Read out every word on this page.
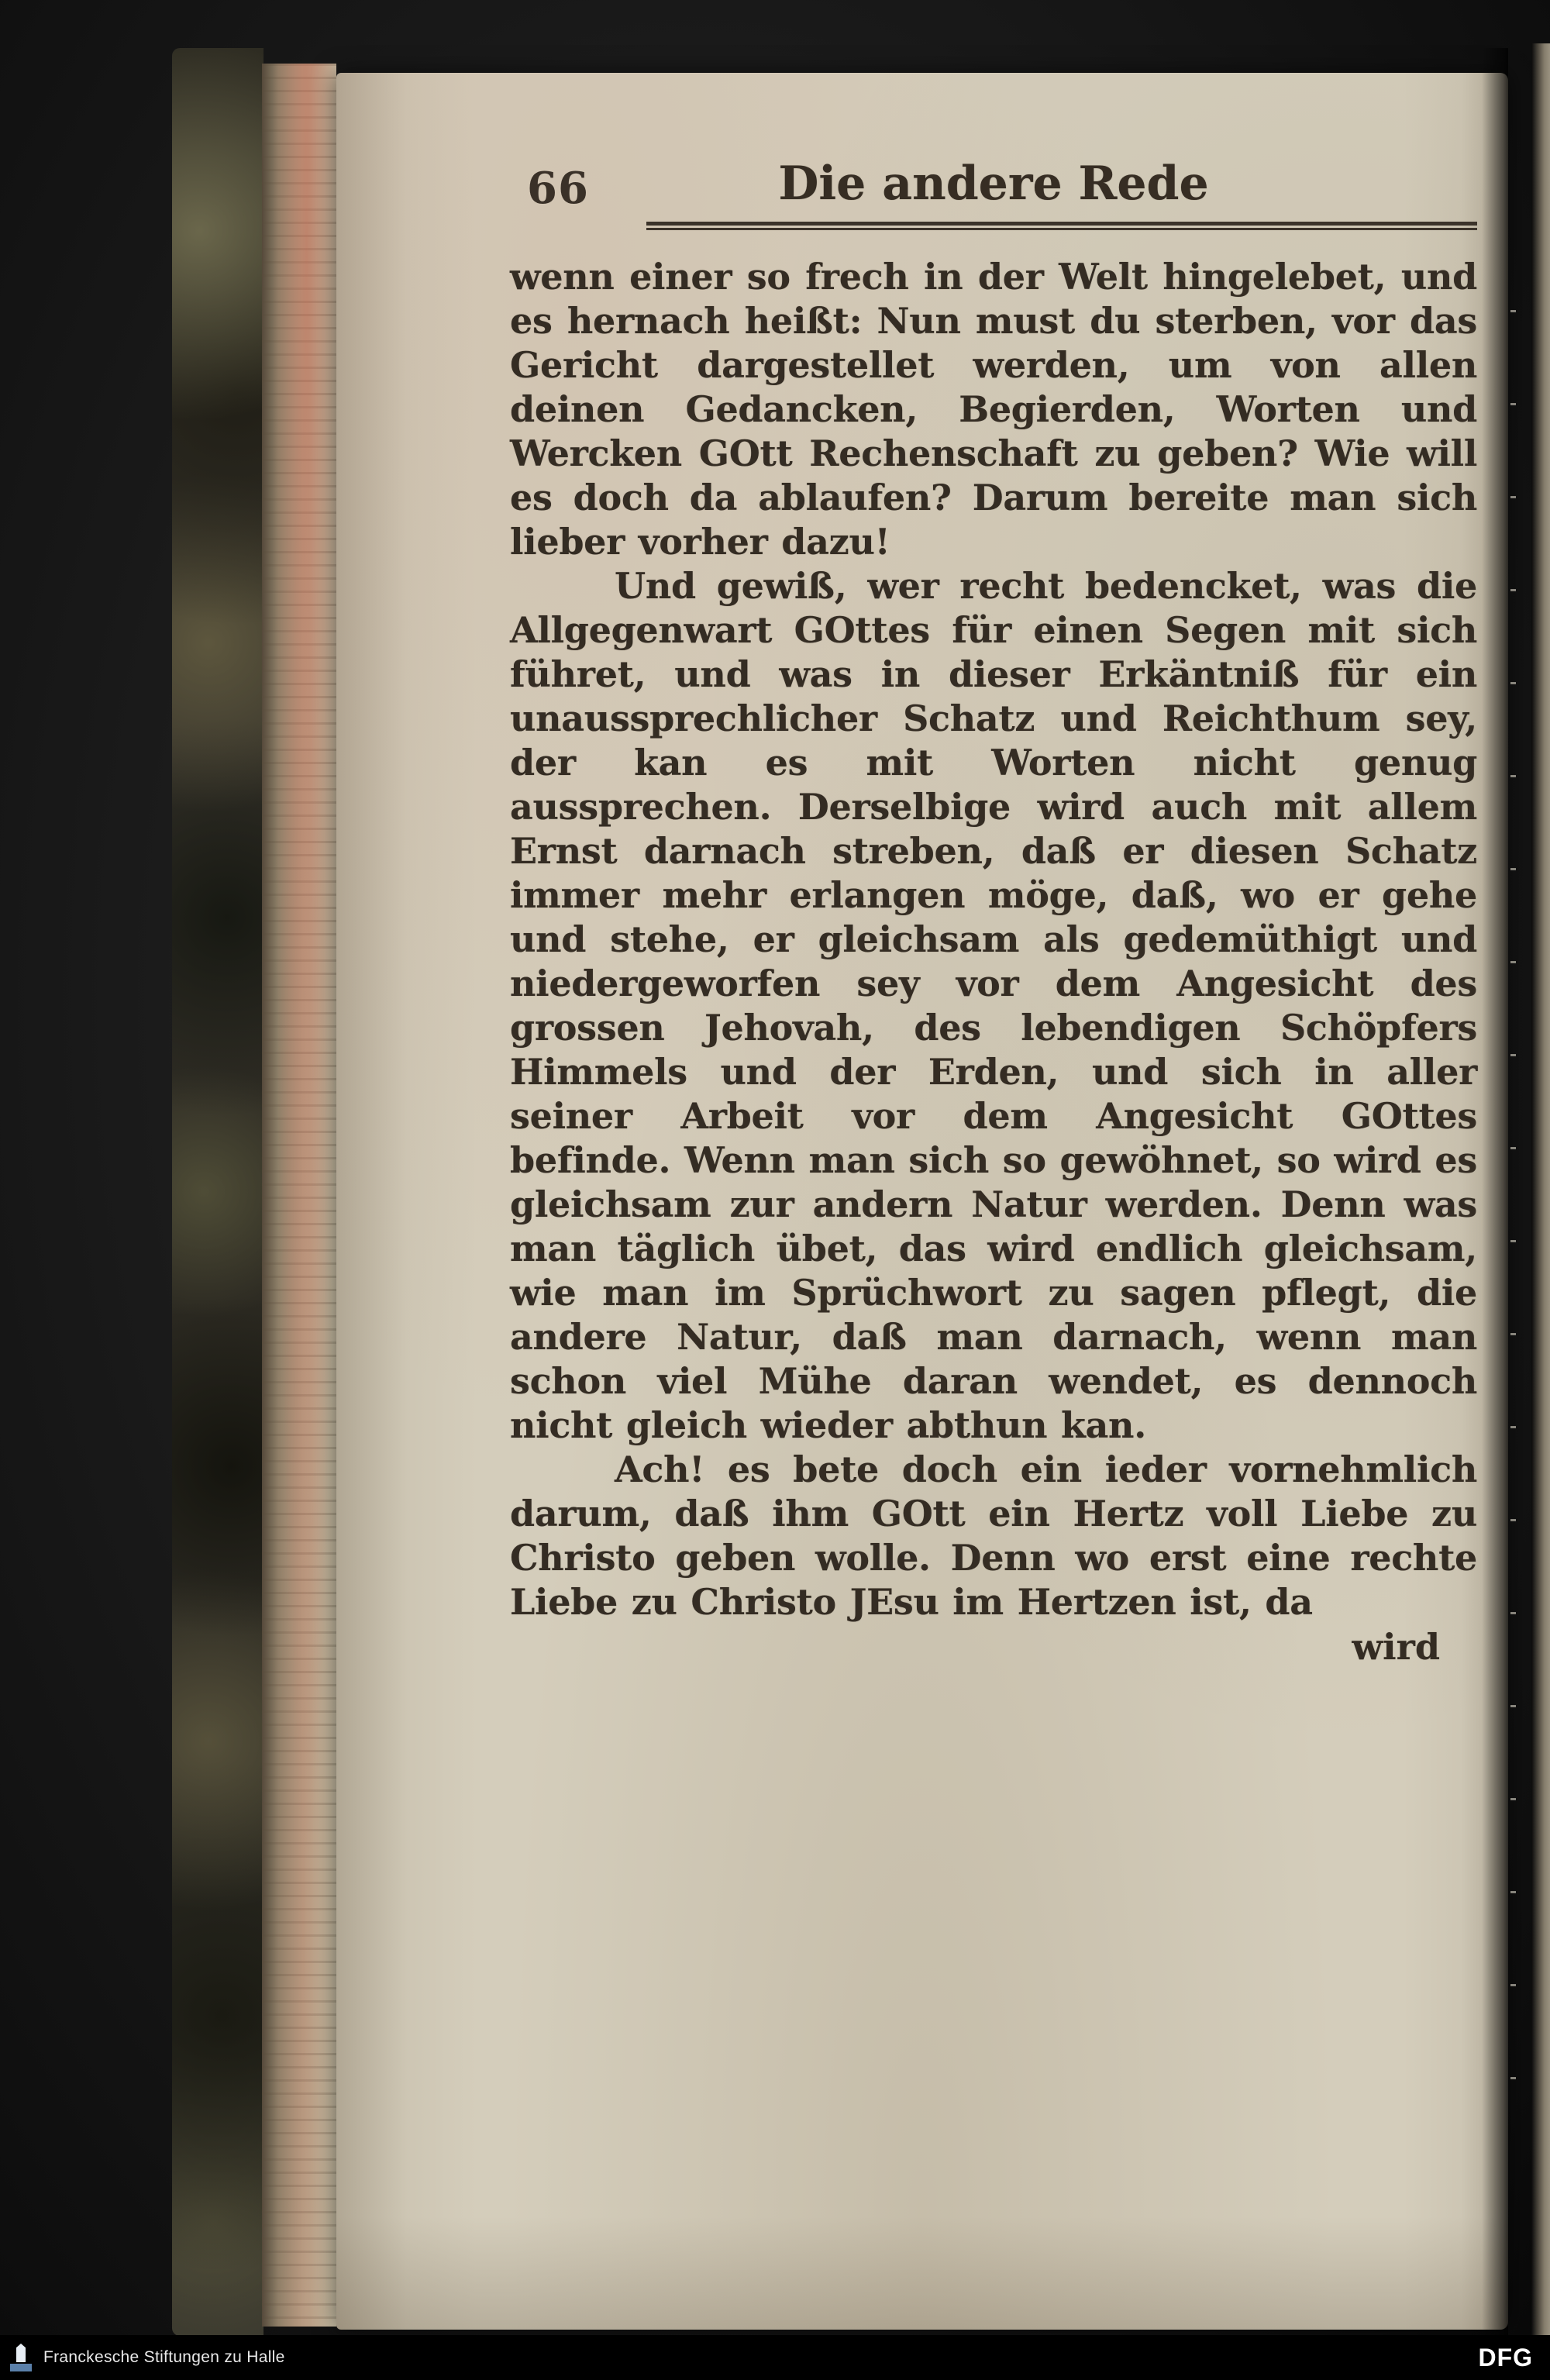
66	Die andere Rede

wenn einer so frech in der Welt hingelebet, und es hernach heißt: Nun must du sterben, vor das Gericht dargestellet werden, um von allen deinen Gedancken, Begierden, Worten und Wercken GOtt Rechenschaft zu geben? Wie will es doch da ablaufen? Darum bereite man sich lieber vorher dazu!

Und gewiß, wer recht bedencket, was die Allgegenwart GOttes für einen Segen mit sich führet, und was in dieser Erkäntniß für ein unaussprechlicher Schatz und Reichthum sey, der kan es mit Worten nicht genug aussprechen. Derselbige wird auch mit allem Ernst darnach streben, daß er diesen Schatz immer mehr erlangen möge, daß, wo er gehe und stehe, er gleichsam als gedemüthigt und niedergeworfen sey vor dem Angesicht des grossen Jehovah, des lebendigen Schöpfers Himmels und der Erden, und sich in aller seiner Arbeit vor dem Angesicht GOttes befinde. Wenn man sich so gewöhnet, so wird es gleichsam zur andern Natur werden. Denn was man täglich übet, das wird endlich gleichsam, wie man im Sprüchwort zu sagen pflegt, die andere Natur, daß man darnach, wenn man schon viel Mühe daran wendet, es dennoch nicht gleich wieder abthun kan.

Ach! es bete doch ein ieder vornehmlich darum, daß ihm GOtt ein Hertz voll Liebe zu Christo geben wolle. Denn wo erst eine rechte Liebe zu Christo JEsu im Hertzen ist, da

wird
Franckesche Stiftungen zu Halle	DFG
